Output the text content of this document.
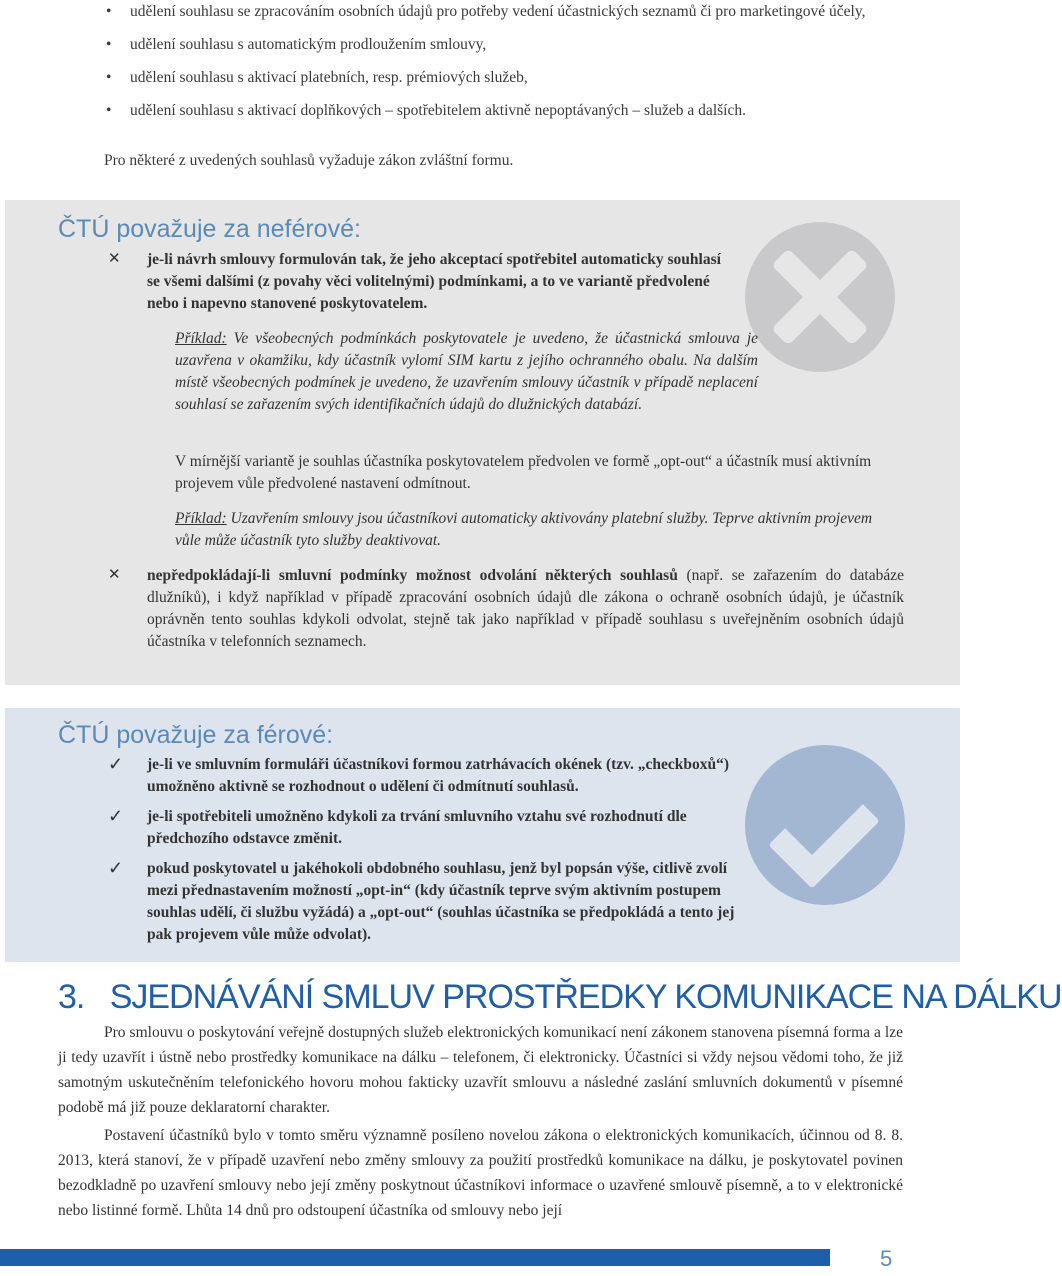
• udělení souhlasu se zpracováním osobních údajů pro potřeby vedení účastnických seznamů či pro marketingové účely,
• udělení souhlasu s automatickým prodloužením smlouvy,
• udělení souhlasu s aktivací platebních, resp. prémiových služeb,
• udělení souhlasu s aktivací doplňkových – spotřebitelem aktivně nepoptávaných – služeb a dalších.
Pro některé z uvedených souhlasů vyžaduje zákon zvláštní formu.
ČTÚ považuje za neférové:
✕ je-li návrh smlouvy formulován tak, že jeho akceptací spotřebitel automaticky souhlasí se všemi dalšími (z povahy věci volitelnými) podmínkami, a to ve variantě předvolené nebo i napevno stanovené poskytovatelem.
Příklad: Ve všeobecných podmínkách poskytovatele je uvedeno, že účastnická smlouva je uzavřena v okamžiku, kdy účastník vylomí SIM kartu z jejího ochranného obalu. Na dalším místě všeobecných podmínek je uvedeno, že uzavřením smlouvy účastník v případě neplacení souhlasí se zařazením svých identifikačních údajů do dlužnických databází.
V mírnější variantě je souhlas účastníka poskytovatelem předvolen ve formě „opt-out“ a účastník musí aktivním projevem vůle předvolené nastavení odmítnout.
Příklad: Uzavřením smlouvy jsou účastníkovi automaticky aktivovány platební služby. Teprve aktivním projevem vůle může účastník tyto služby deaktivovat.
✕ nepředpokládají-li smluvní podmínky možnost odvolání některých souhlasů (např. se zařazením do databáze dlužníků), i když například v případě zpracování osobních údajů dle zákona o ochraně osobních údajů, je účastník oprávněn tento souhlas kdykoli odvolat, stejně tak jako například v případě souhlasu s uveřejněním osobních údajů účastníka v telefonních seznamech.
ČTÚ považuje za férové:
✓ je-li ve smluvním formuláři účastníkovi formou zatrhávacích okének (tzv. „checkboxů“) umožněno aktivně se rozhodnout o udělení či odmítnutí souhlasů.
✓ je-li spotřebiteli umožněno kdykoli za trvání smluvního vztahu své rozhodnutí dle předchozího odstavce změnit.
✓ pokud poskytovatel u jakéhokoli obdobného souhlasu, jenž byl popsán výše, citlivě zvolí mezi přednastavením možností „opt-in“ (kdy účastník teprve svým aktivním postupem souhlas udělí, či službu vyžádá) a „opt-out“ (souhlas účastníka se předpokládá a tento jej pak projevem vůle může odvolat).
3. SJEDNÁVÁNÍ SMLUV PROSTŘEDKY KOMUNIKACE NA DÁLKU
Pro smlouvu o poskytování veřejně dostupných služeb elektronických komunikací není zákonem stanovena písemná forma a lze ji tedy uzavřít i ústně nebo prostředky komunikace na dálku – telefonem, či elektronicky. Účastníci si vždy nejsou vědomi toho, že již samotným uskutečněním telefonického hovoru mohou fakticky uzavřít smlouvu a následné zaslání smluvních dokumentů v písemné podobě má již pouze deklaratorní charakter.
Postavení účastníků bylo v tomto směru významně posíleno novelou zákona o elektronických komunikacích, účinnou od 8. 8. 2013, která stanoví, že v případě uzavření nebo změny smlouvy za použití prostředků komunikace na dálku, je poskytovatel povinen bezodkladně po uzavření smlouvy nebo její změny poskytnout účastníkovi informace o uzavřené smlouvě písemně, a to v elektronické nebo listinné formě. Lhůta 14 dnů pro odstoupení účastníka od smlouvy nebo její
5
